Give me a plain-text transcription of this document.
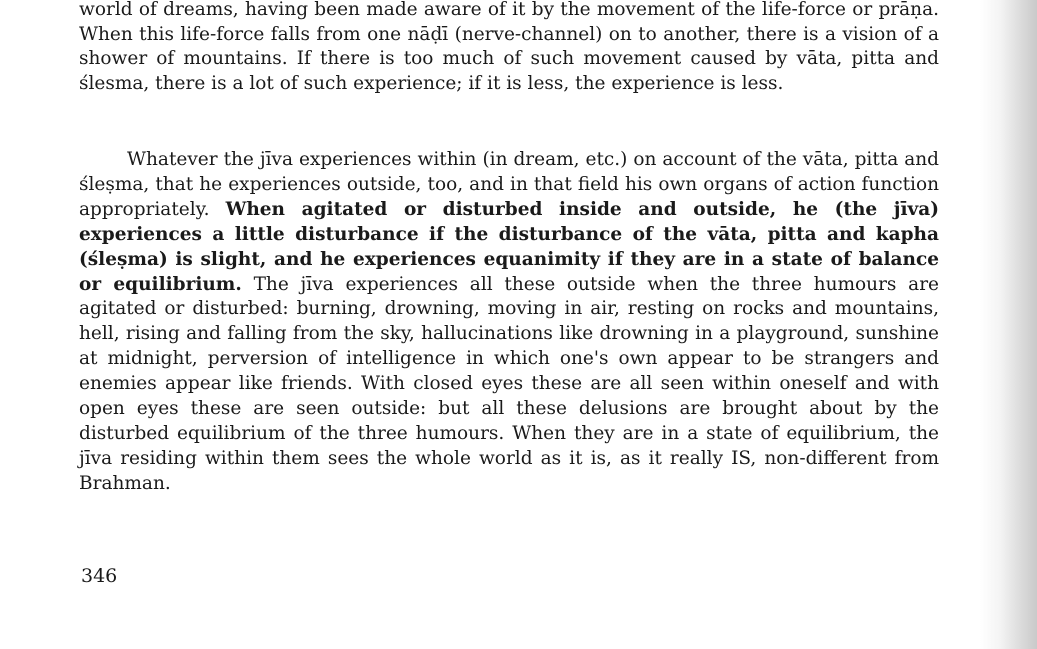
world of dreams, having been made aware of it by the movement of the life-force or prāṇa. When this life-force falls from one nāḍī (nerve-channel) on to another, there is a vision of a shower of mountains. If there is too much of such movement caused by vāta, pitta and ślesma, there is a lot of such experience; if it is less, the experience is less.

Whatever the jīva experiences within (in dream, etc.) on account of the vāta, pitta and śleṣma, that he experiences outside, too, and in that field his own organs of action function appropriately. When agitated or disturbed inside and outside, he (the jīva) experiences a little disturbance if the disturbance of the vāta, pitta and kapha (śleṣma) is slight, and he experiences equanimity if they are in a state of balance or equilibrium. The jīva experiences all these outside when the three humours are agitated or disturbed: burning, drowning, moving in air, resting on rocks and mountains, hell, rising and falling from the sky, hallucinations like drowning in a playground, sunshine at midnight, perversion of intelligence in which one's own appear to be strangers and enemies appear like friends. With closed eyes these are all seen within oneself and with open eyes these are seen outside: but all these delusions are brought about by the disturbed equilibrium of the three humours. When they are in a state of equilibrium, the jīva residing within them sees the whole world as it is, as it really IS, non-different from Brahman.

346
